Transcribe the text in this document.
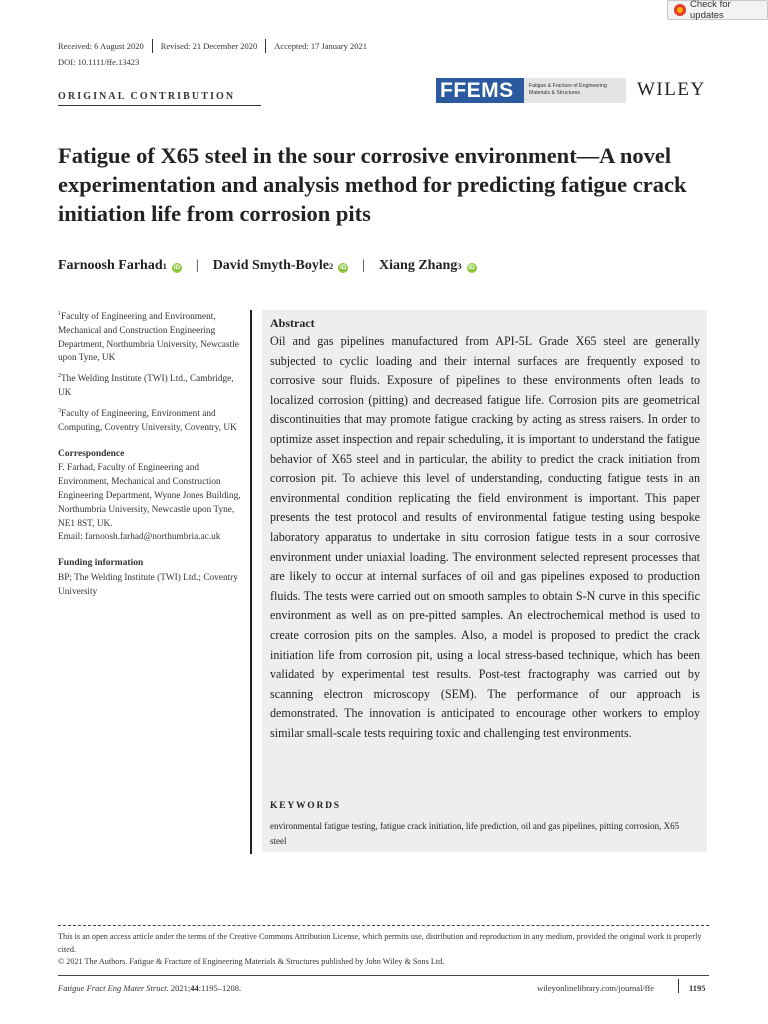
Check for updates
Received: 6 August 2020 Revised: 21 December 2020 Accepted: 17 January 2021
DOI: 10.1111/ffe.13423
ORIGINAL CONTRIBUTION	FFEMS	Fatigue & Fracture of Engineering Materials & Structures	WILEY
Fatigue of X65 steel in the sour corrosive environment—A novel experimentation and analysis method for predicting fatigue crack initiation life from corrosion pits
Farnoosh Farhad 1 iD | David Smyth-Boyle 2 iD | Xiang Zhang 3 iD

$^1$Faculty of Engineering and Environment, Mechanical and Construction Engineering Department, Northumbria University, Newcastle upon Tyne, UK

$^2$The Welding Institute (TWI) Ltd., Cambridge, UK

$^3$Faculty of Engineering, Environment and Computing, Coventry University, Coventry, UK

Correspondence
F. Farhad, Faculty of Engineering and Environment, Mechanical and Construction Engineering Department, Wynne Jones Building, Northumbria University, Newcastle upon Tyne, NE1 8ST, UK.
Email: farnoosh.farhad@northumbria.ac.uk
Funding information
BP; The Welding Institute (TWI) Ltd.; Coventry University
Abstract
Oil and gas pipelines manufactured from API-5L Grade X65 steel are generally subjected to cyclic loading and their internal surfaces are frequently exposed to corrosive sour fluids. Exposure of pipelines to these environments often leads to localized corrosion (pitting) and decreased fatigue life. Corrosion pits are geometrical discontinuities that may promote fatigue cracking by acting as stress raisers. In order to optimize asset inspection and repair scheduling, it is important to understand the fatigue behavior of X65 steel and in particular, the ability to predict the crack initiation from corrosion pit. To achieve this level of understanding, conducting fatigue tests in an environmental condition replicating the field environment is important. This paper presents the test protocol and results of environmental fatigue testing using bespoke laboratory apparatus to undertake in situ corrosion fatigue tests in a sour corrosive environment under uniaxial loading. The environment selected represent processes that are likely to occur at internal surfaces of oil and gas pipelines exposed to production fluids. The tests were carried out on smooth samples to obtain S-N curve in this specific environment as well as on pre-pitted samples. An electrochemical method is used to create corrosion pits on the samples. Also, a model is proposed to predict the crack initiation life from corrosion pit, using a local stress-based technique, which has been validated by experimental test results. Post-test fractography was carried out by scanning electron microscopy (SEM). The performance of our approach is demonstrated. The innovation is anticipated to encourage other workers to employ similar small-scale tests requiring toxic and challenging test environments.
KEYWORDS
environmental fatigue testing, fatigue crack initiation, life prediction, oil and gas pipelines, pitting corrosion, X65 steel
This is an open access article under the terms of the Creative Commons Attribution License, which permits use, distribution and reproduction in any medium, provided the original work is properly cited.
© 2021 The Authors. Fatigue & Fracture of Engineering Materials & Structures published by John Wiley & Sons Ltd.
Fatigue Fract Eng Mater Struct. 2021;44:1195–1208.	wileyonlinelibrary.com/journal/ffe	1195
